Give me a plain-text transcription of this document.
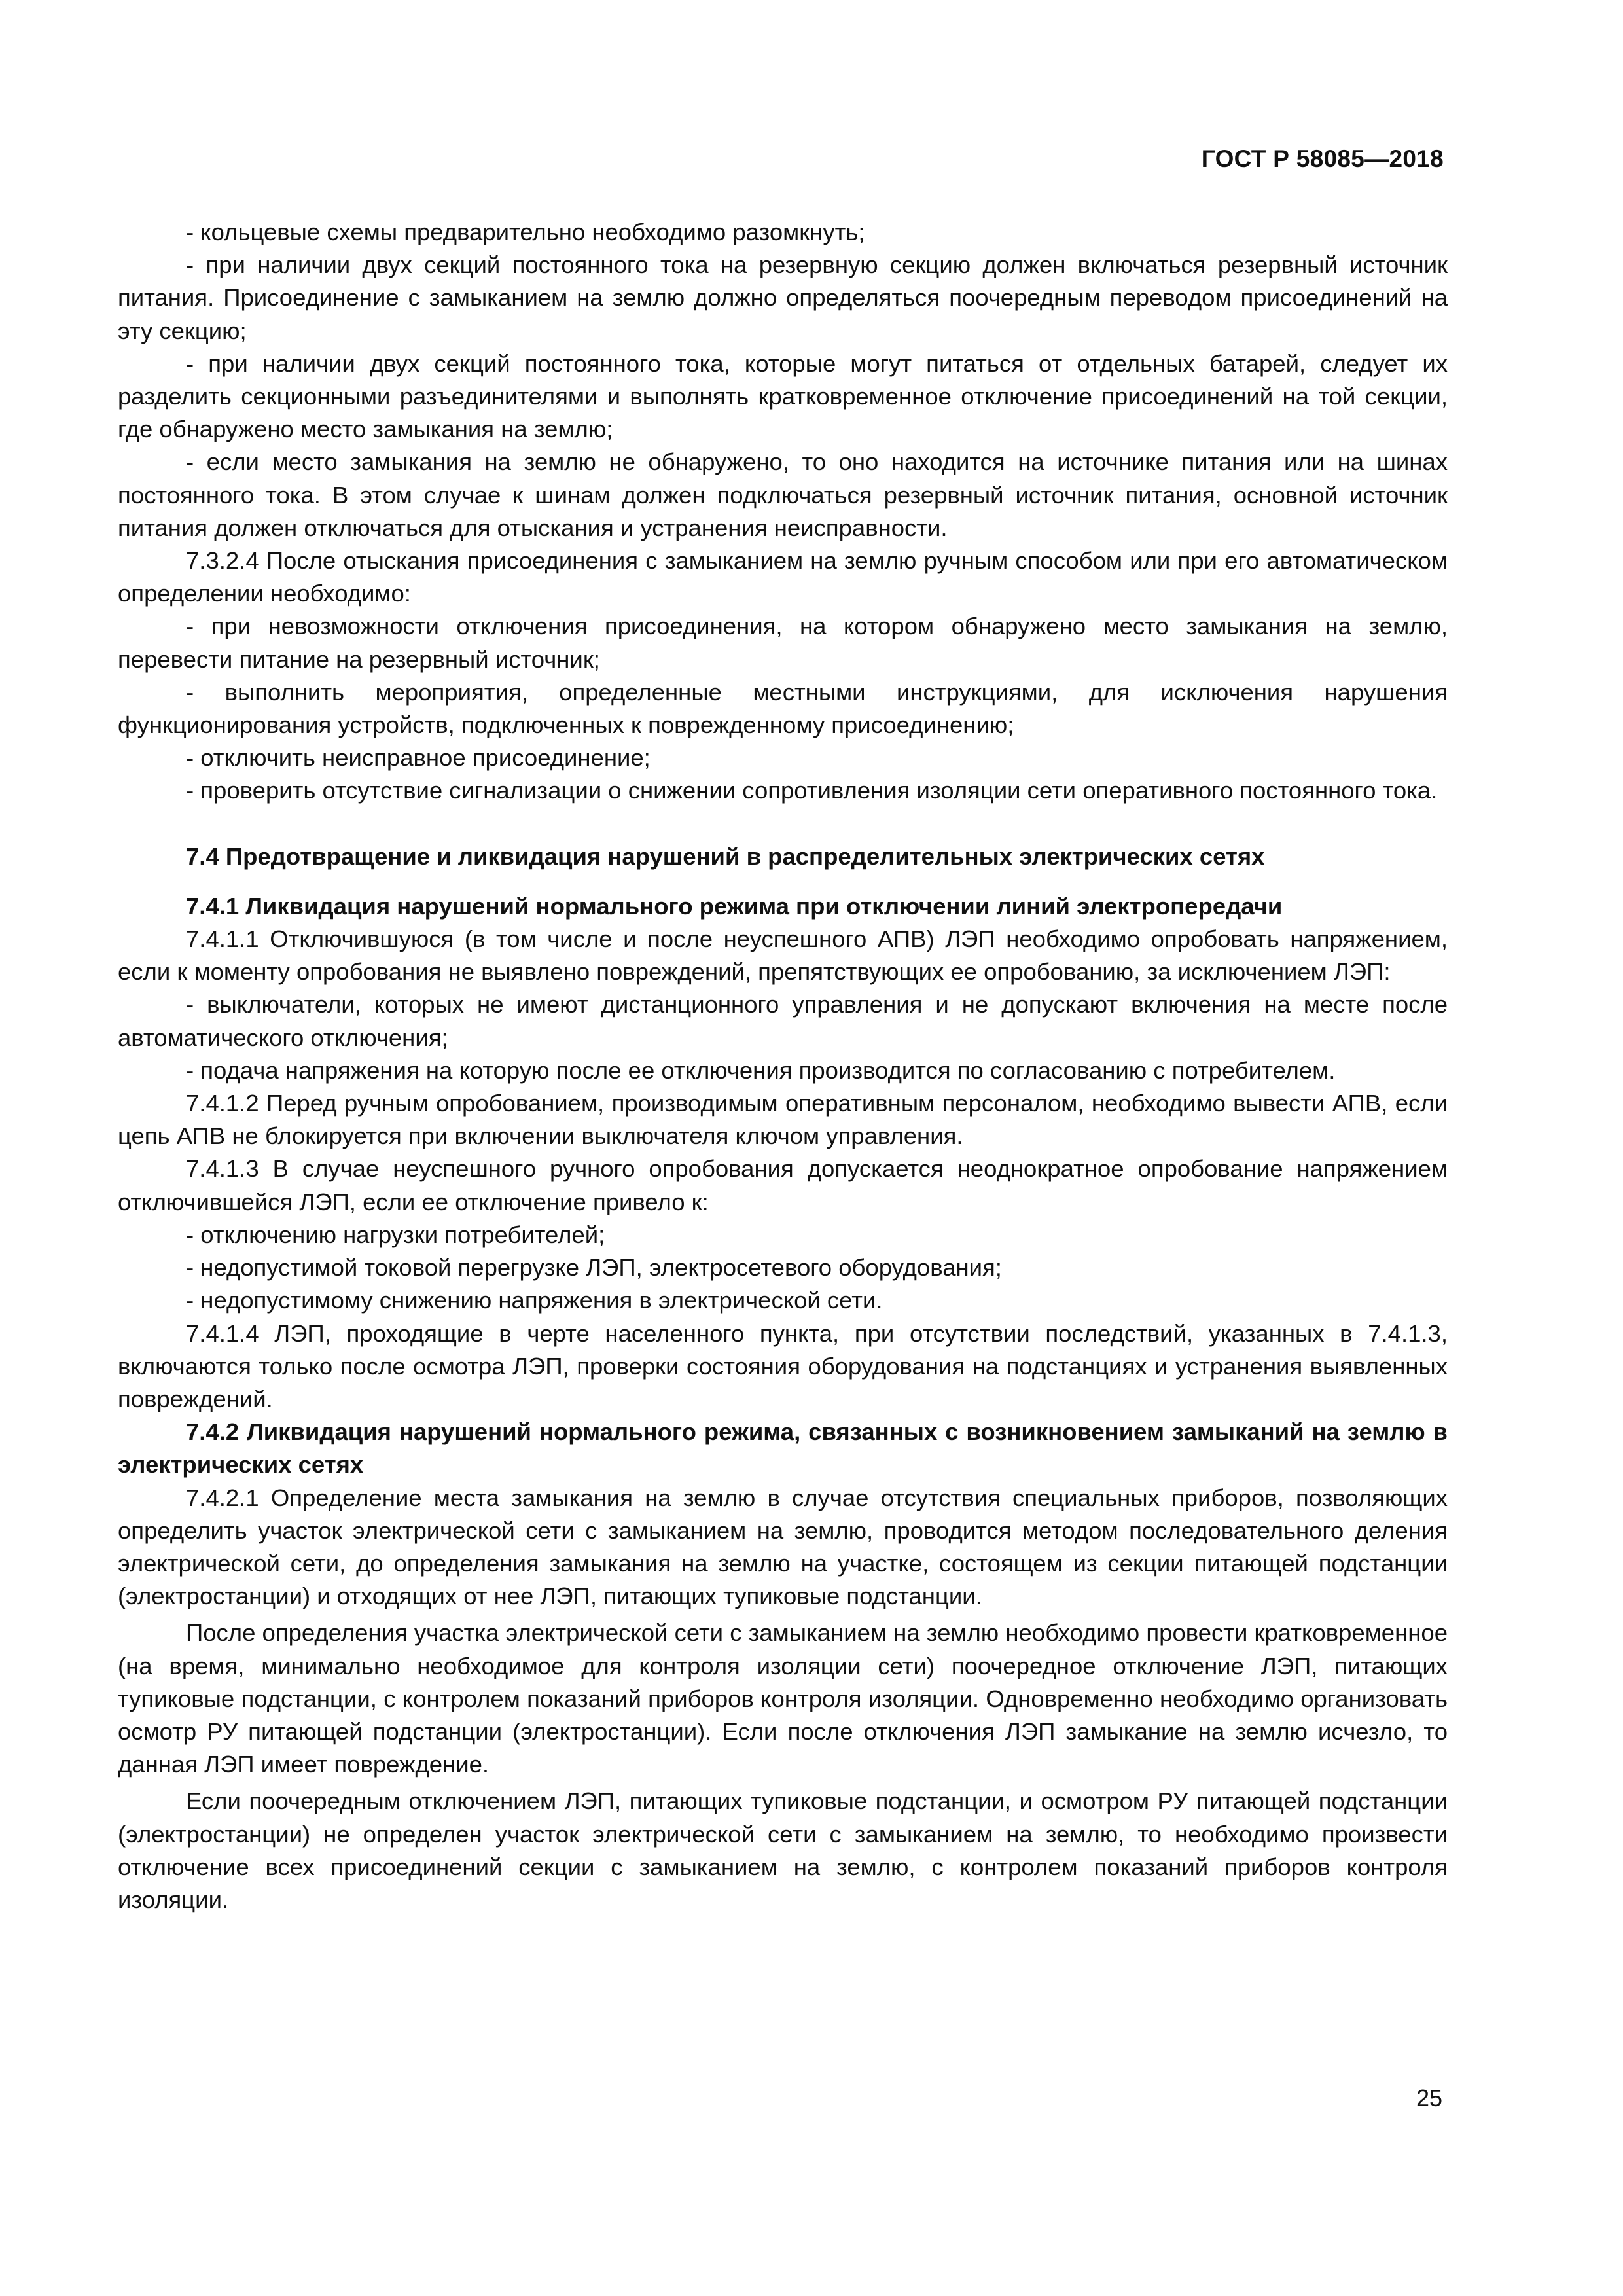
ГОСТ Р 58085—2018

- кольцевые схемы предварительно необходимо разомкнуть;

- при наличии двух секций постоянного тока на резервную секцию должен включаться резервный источник питания. Присоединение с замыканием на землю должно определяться поочередным переводом присоединений на эту секцию;

- при наличии двух секций постоянного тока, которые могут питаться от отдельных батарей, следует их разделить секционными разъединителями и выполнять кратковременное отключение присоединений на той секции, где обнаружено место замыкания на землю;

- если место замыкания на землю не обнаружено, то оно находится на источнике питания или на шинах постоянного тока. В этом случае к шинам должен подключаться резервный источник питания, основной источник питания должен отключаться для отыскания и устранения неисправности.

7.3.2.4 После отыскания присоединения с замыканием на землю ручным способом или при его автоматическом определении необходимо:

- при невозможности отключения присоединения, на котором обнаружено место замыкания на землю, перевести питание на резервный источник;

- выполнить мероприятия, определенные местными инструкциями, для исключения нарушения функционирования устройств, подключенных к поврежденному присоединению;

- отключить неисправное присоединение;

- проверить отсутствие сигнализации о снижении сопротивления изоляции сети оперативного постоянного тока.

7.4 Предотвращение и ликвидация нарушений в распределительных электрических сетях

7.4.1 Ликвидация нарушений нормального режима при отключении линий электропередачи

7.4.1.1 Отключившуюся (в том числе и после неуспешного АПВ) ЛЭП необходимо опробовать напряжением, если к моменту опробования не выявлено повреждений, препятствующих ее опробованию, за исключением ЛЭП:

- выключатели, которых не имеют дистанционного управления и не допускают включения на месте после автоматического отключения;

- подача напряжения на которую после ее отключения производится по согласованию с потребителем.

7.4.1.2 Перед ручным опробованием, производимым оперативным персоналом, необходимо вывести АПВ, если цепь АПВ не блокируется при включении выключателя ключом управления.

7.4.1.3 В случае неуспешного ручного опробования допускается неоднократное опробование напряжением отключившейся ЛЭП, если ее отключение привело к:

- отключению нагрузки потребителей;

- недопустимой токовой перегрузке ЛЭП, электросетевого оборудования;

- недопустимому снижению напряжения в электрической сети.

7.4.1.4 ЛЭП, проходящие в черте населенного пункта, при отсутствии последствий, указанных в 7.4.1.3, включаются только после осмотра ЛЭП, проверки состояния оборудования на подстанциях и устранения выявленных повреждений.

7.4.2 Ликвидация нарушений нормального режима, связанных с возникновением замыканий на землю в электрических сетях

7.4.2.1 Определение места замыкания на землю в случае отсутствия специальных приборов, позволяющих определить участок электрической сети с замыканием на землю, проводится методом последовательного деления электрической сети, до определения замыкания на землю на участке, состоящем из секции питающей подстанции (электростанции) и отходящих от нее ЛЭП, питающих тупиковые подстанции.

После определения участка электрической сети с замыканием на землю необходимо провести кратковременное (на время, минимально необходимое для контроля изоляции сети) поочередное отключение ЛЭП, питающих тупиковые подстанции, с контролем показаний приборов контроля изоляции. Одновременно необходимо организовать осмотр РУ питающей подстанции (электростанции). Если после отключения ЛЭП замыкание на землю исчезло, то данная ЛЭП имеет повреждение.

Если поочередным отключением ЛЭП, питающих тупиковые подстанции, и осмотром РУ питающей подстанции (электростанции) не определен участок электрической сети с замыканием на землю, то необходимо произвести отключение всех присоединений секции с замыканием на землю, с контролем показаний приборов контроля изоляции.

25
